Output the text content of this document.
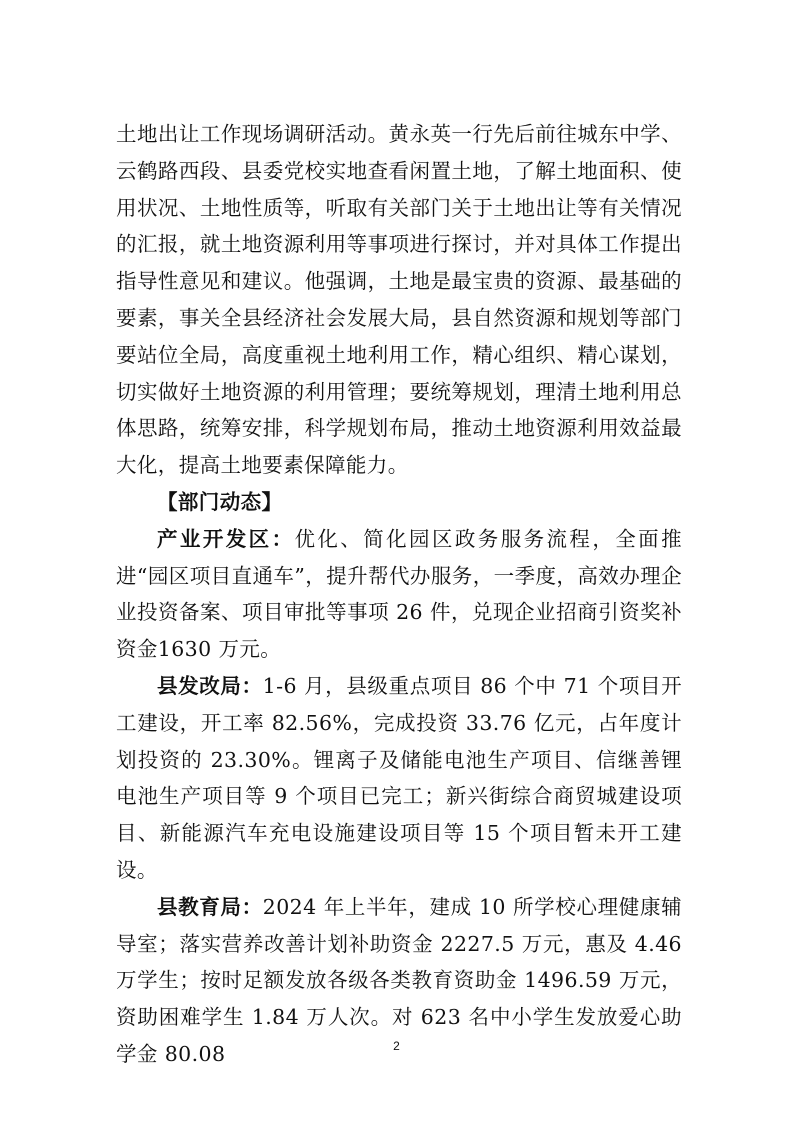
土地出让工作现场调研活动。黄永英一行先后前往城东中学、云鹤路西段、县委党校实地查看闲置土地，了解土地面积、使用状况、土地性质等，听取有关部门关于土地出让等有关情况的汇报，就土地资源利用等事项进行探讨，并对具体工作提出指导性意见和建议。他强调，土地是最宝贵的资源、最基础的要素，事关全县经济社会发展大局，县自然资源和规划等部门要站位全局，高度重视土地利用工作，精心组织、精心谋划，切实做好土地资源的利用管理；要统筹规划，理清土地利用总体思路，统筹安排，科学规划布局，推动土地资源利用效益最大化，提高土地要素保障能力。

【部门动态】

产业开发区：优化、简化园区政务服务流程，全面推进“园区项目直通车”，提升帮代办服务，一季度，高效办理企业投资备案、项目审批等事项 26 件，兑现企业招商引资奖补资金1630 万元。

县发改局：1-6 月，县级重点项目 86 个中 71 个项目开工建设，开工率 82.56%，完成投资 33.76 亿元，占年度计划投资的 23.30%。锂离子及储能电池生产项目、信继善锂电池生产项目等 9 个项目已完工；新兴街综合商贸城建设项目、新能源汽车充电设施建设项目等 15 个项目暂未开工建设。

县教育局：2024 年上半年，建成 10 所学校心理健康辅导室；落实营养改善计划补助资金 2227.5 万元，惠及 4.46 万学生；按时足额发放各级各类教育资助金 1496.59 万元，资助困难学生 1.84 万人次。对 623 名中小学生发放爱心助学金 80.08	2
